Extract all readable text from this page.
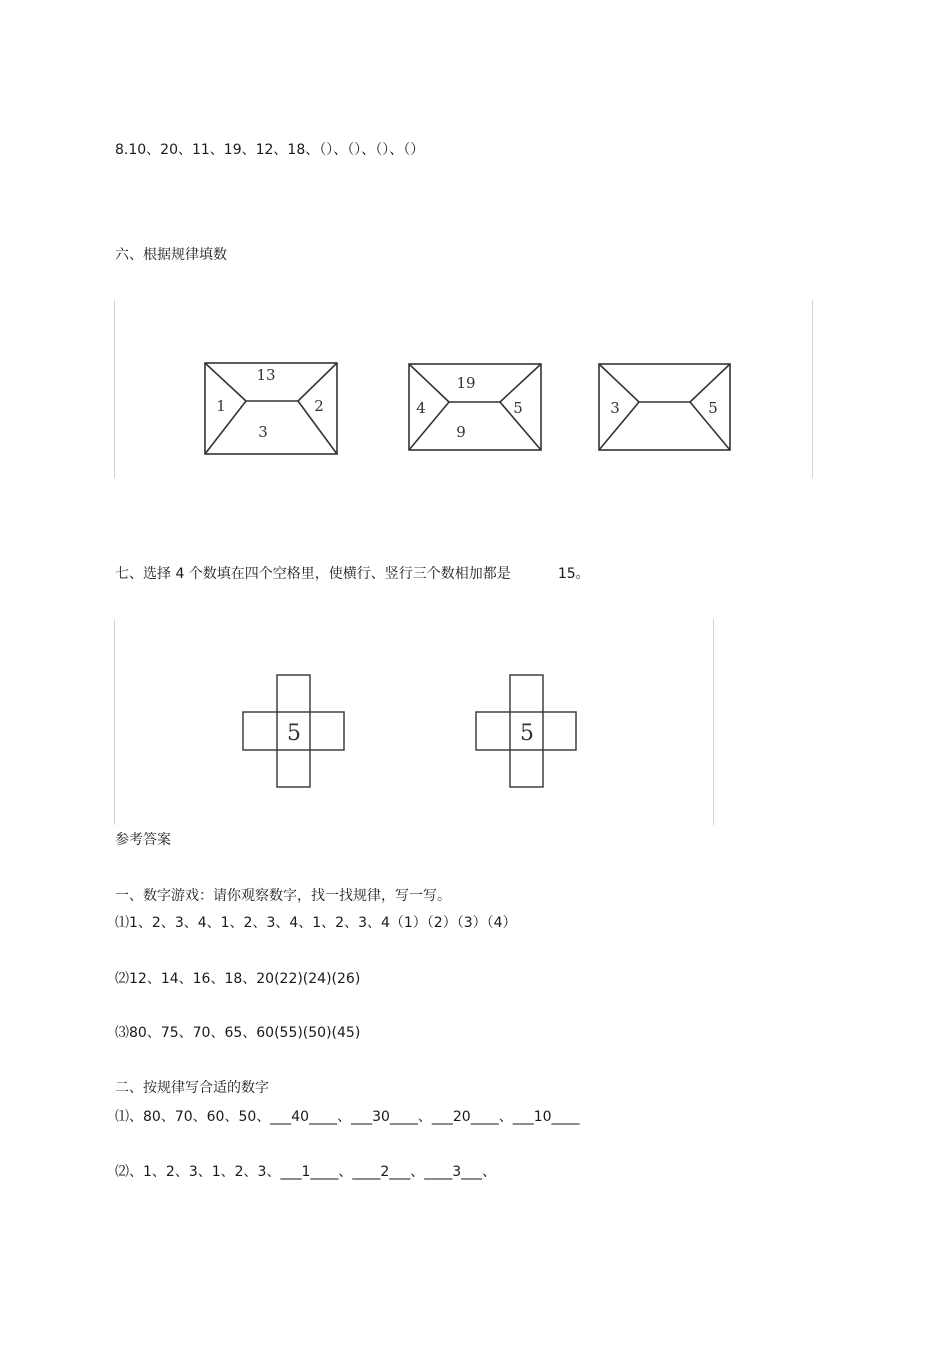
8.10、20、11、19、12、18、（）、（）、（）、（）
六、根据规律填数
13
1	2
3
19
4	5
9
3	5
5	5
七、选择 4 个数填在四个空格里，使横行、竖行三个数相加都是	15。
参考答案
一、数字游戏：请你观察数字，找一找规律，写一写。
⑴1、2、3、4、1、2、3、4、1、2、3、4（1）（2）（3）（4）
⑵12、14、16、18、20(22)(24)(26)
⑶80、75、70、65、60(55)(50)(45)
二、按规律写合适的数字
⑴、80、70、60、50、___40____、___30____、___20____、___10____
⑵、1、2、3、1、2、3、___1____、____2___、____3___、
